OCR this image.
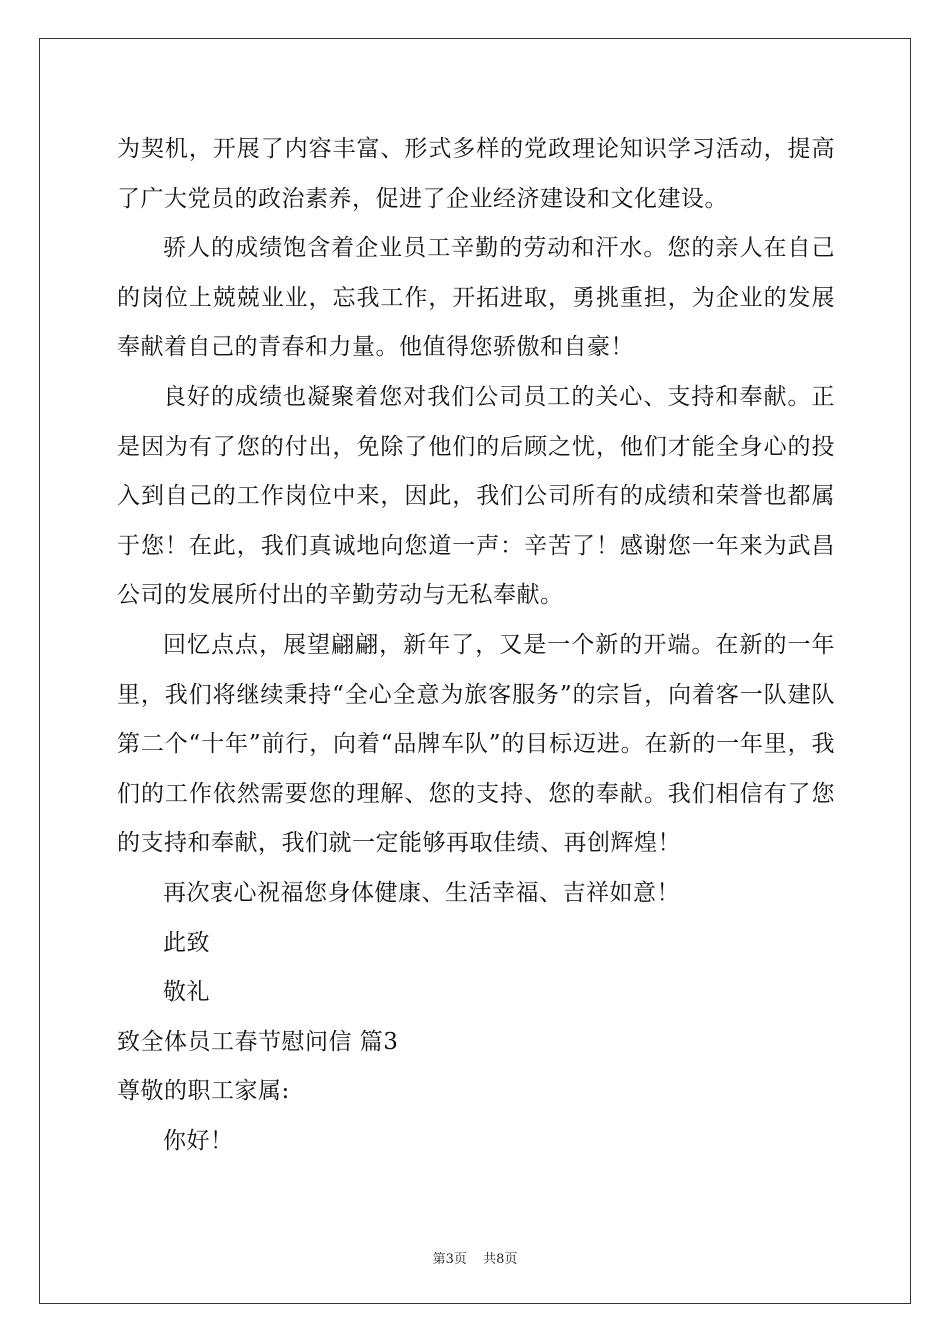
为契机，开展了内容丰富、形式多样的党政理论知识学习活动，提高了广大党员的政治素养，促进了企业经济建设和文化建设。

骄人的成绩饱含着企业员工辛勤的劳动和汗水。您的亲人在自己的岗位上兢兢业业，忘我工作，开拓进取，勇挑重担，为企业的发展奉献着自己的青春和力量。他值得您骄傲和自豪！

良好的成绩也凝聚着您对我们公司员工的关心、支持和奉献。正是因为有了您的付出，免除了他们的后顾之忧，他们才能全身心的投入到自己的工作岗位中来，因此，我们公司所有的成绩和荣誉也都属于您！在此，我们真诚地向您道一声：辛苦了！感谢您一年来为武昌公司的发展所付出的辛勤劳动与无私奉献。

回忆点点，展望翩翩，新年了，又是一个新的开端。在新的一年里，我们将继续秉持“全心全意为旅客服务”的宗旨，向着客一队建队第二个“十年”前行，向着“品牌车队”的目标迈进。在新的一年里，我们的工作依然需要您的理解、您的支持、您的奉献。我们相信有了您的支持和奉献，我们就一定能够再取佳绩、再创辉煌！

再次衷心祝福您身体健康、生活幸福、吉祥如意！

此致

敬礼

致全体员工春节慰问信 篇3

尊敬的职工家属:

你好！

第3页 共8页
